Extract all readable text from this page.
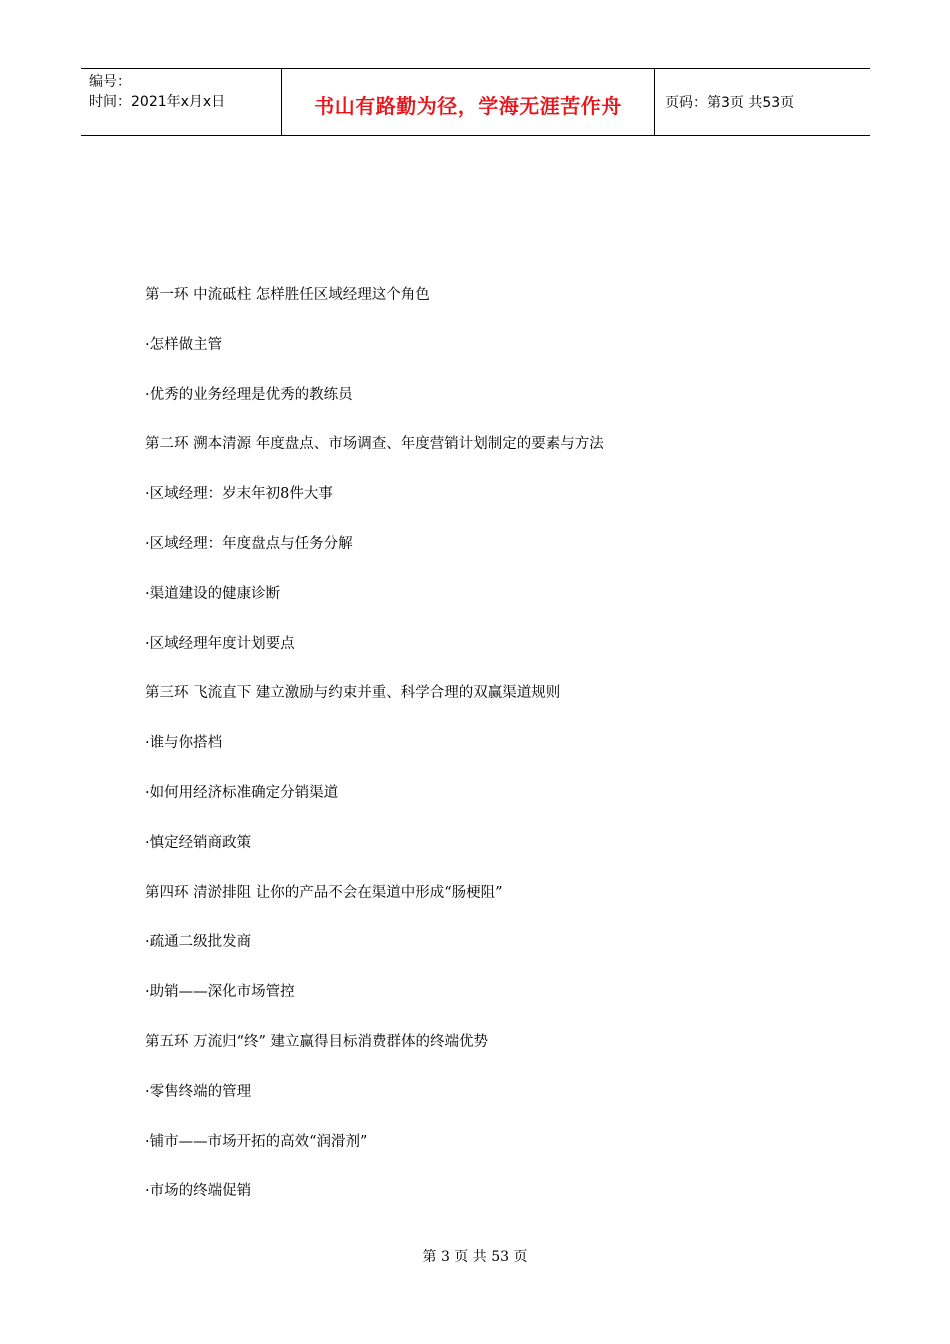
编号：
时间：2021年x月x日	书山有路勤为径，学海无涯苦作舟	页码：第3页 共53页
第一环 中流砥柱 怎样胜任区域经理这个角色
·怎样做主管
·优秀的业务经理是优秀的教练员
第二环 溯本清源 年度盘点、市场调查、年度营销计划制定的要素与方法
·区域经理：岁末年初8件大事
·区域经理：年度盘点与任务分解
·渠道建设的健康诊断
·区域经理年度计划要点
第三环 飞流直下 建立激励与约束并重、科学合理的双赢渠道规则
·谁与你搭档
·如何用经济标准确定分销渠道
·慎定经销商政策
第四环 清淤排阻 让你的产品不会在渠道中形成“肠梗阻”
·疏通二级批发商
·助销——深化市场管控
第五环 万流归“终” 建立赢得目标消费群体的终端优势
·零售终端的管理
·铺市——市场开拓的高效“润滑剂”
·市场的终端促销
第 3 页 共 53 页
